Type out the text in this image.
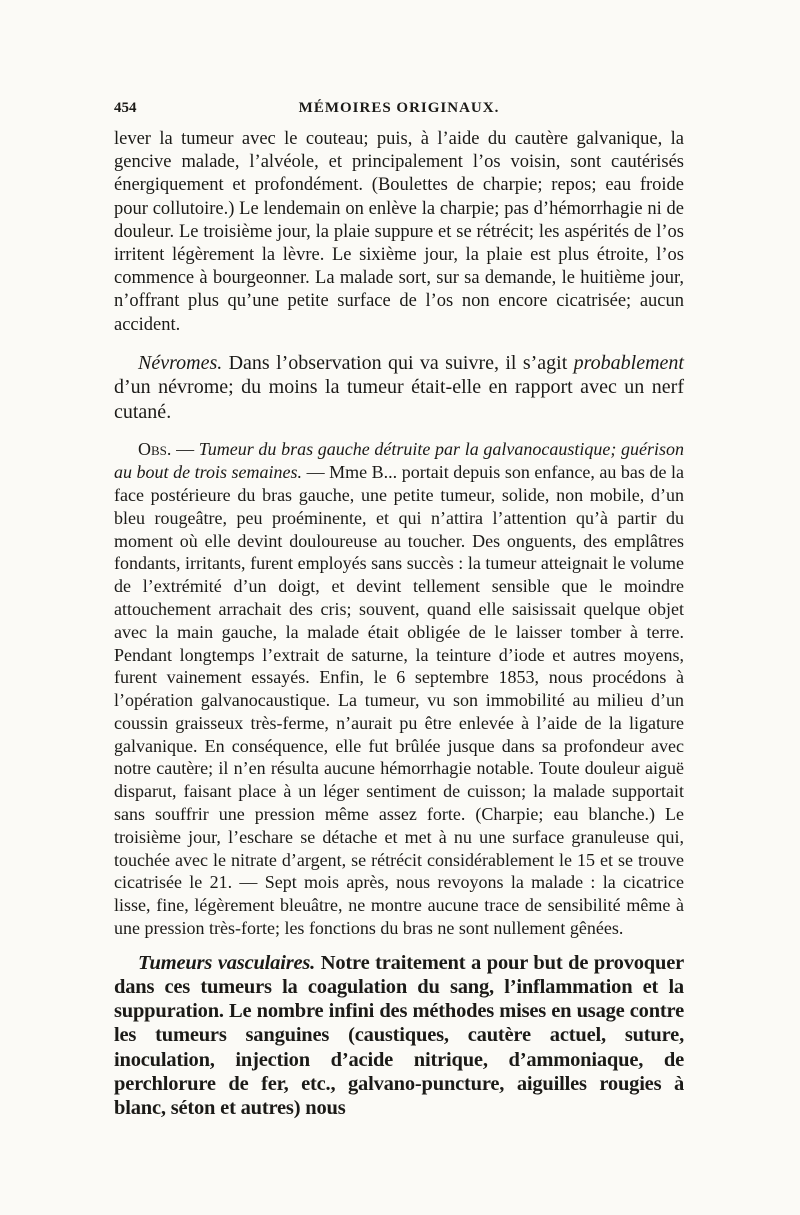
454	MÉMOIRES ORIGINAUX.

lever la tumeur avec le couteau; puis, à l’aide du cautère galvanique, la gencive malade, l’alvéole, et principalement l’os voisin, sont cautérisés énergiquement et profondément. (Boulettes de charpie; repos; eau froide pour collutoire.) Le lendemain on enlève la charpie; pas d’hémorrhagie ni de douleur. Le troisième jour, la plaie suppure et se rétrécit; les aspérités de l’os irritent légèrement la lèvre. Le sixième jour, la plaie est plus étroite, l’os commence à bourgeonner. La malade sort, sur sa demande, le huitième jour, n’offrant plus qu’une petite surface de l’os non encore cicatrisée; aucun accident.

Névromes. Dans l’observation qui va suivre, il s’agit probablement d’un névrome; du moins la tumeur était-elle en rapport avec un nerf cutané.

Obs. — Tumeur du bras gauche détruite par la galvanocaustique; guérison au bout de trois semaines. — Mme B... portait depuis son enfance, au bas de la face postérieure du bras gauche, une petite tumeur, solide, non mobile, d’un bleu rougeâtre, peu proéminente, et qui n’attira l’attention qu’à partir du moment où elle devint douloureuse au toucher. Des onguents, des emplâtres fondants, irritants, furent employés sans succès : la tumeur atteignait le volume de l’extrémité d’un doigt, et devint tellement sensible que le moindre attouchement arrachait des cris; souvent, quand elle saisissait quelque objet avec la main gauche, la malade était obligée de le laisser tomber à terre. Pendant longtemps l’extrait de saturne, la teinture d’iode et autres moyens, furent vainement essayés. Enfin, le 6 septembre 1853, nous procédons à l’opération galvanocaustique. La tumeur, vu son immobilité au milieu d’un coussin graisseux très-ferme, n’aurait pu être enlevée à l’aide de la ligature galvanique. En conséquence, elle fut brûlée jusque dans sa profondeur avec notre cautère; il n’en résulta aucune hémorrhagie notable. Toute douleur aiguë disparut, faisant place à un léger sentiment de cuisson; la malade supportait sans souffrir une pression même assez forte. (Charpie; eau blanche.) Le troisième jour, l’eschare se détache et met à nu une surface granuleuse qui, touchée avec le nitrate d’argent, se rétrécit considérablement le 15 et se trouve cicatrisée le 21. — Sept mois après, nous revoyons la malade : la cicatrice lisse, fine, légèrement bleuâtre, ne montre aucune trace de sensibilité même à une pression très-forte; les fonctions du bras ne sont nullement gênées.

Tumeurs vasculaires. Notre traitement a pour but de provoquer dans ces tumeurs la coagulation du sang, l’inflammation et la suppuration. Le nombre infini des méthodes mises en usage contre les tumeurs sanguines (caustiques, cautère actuel, suture, inoculation, injection d’acide nitrique, d’ammoniaque, de perchlorure de fer, etc., galvano-puncture, aiguilles rougies à blanc, séton et autres) nous
